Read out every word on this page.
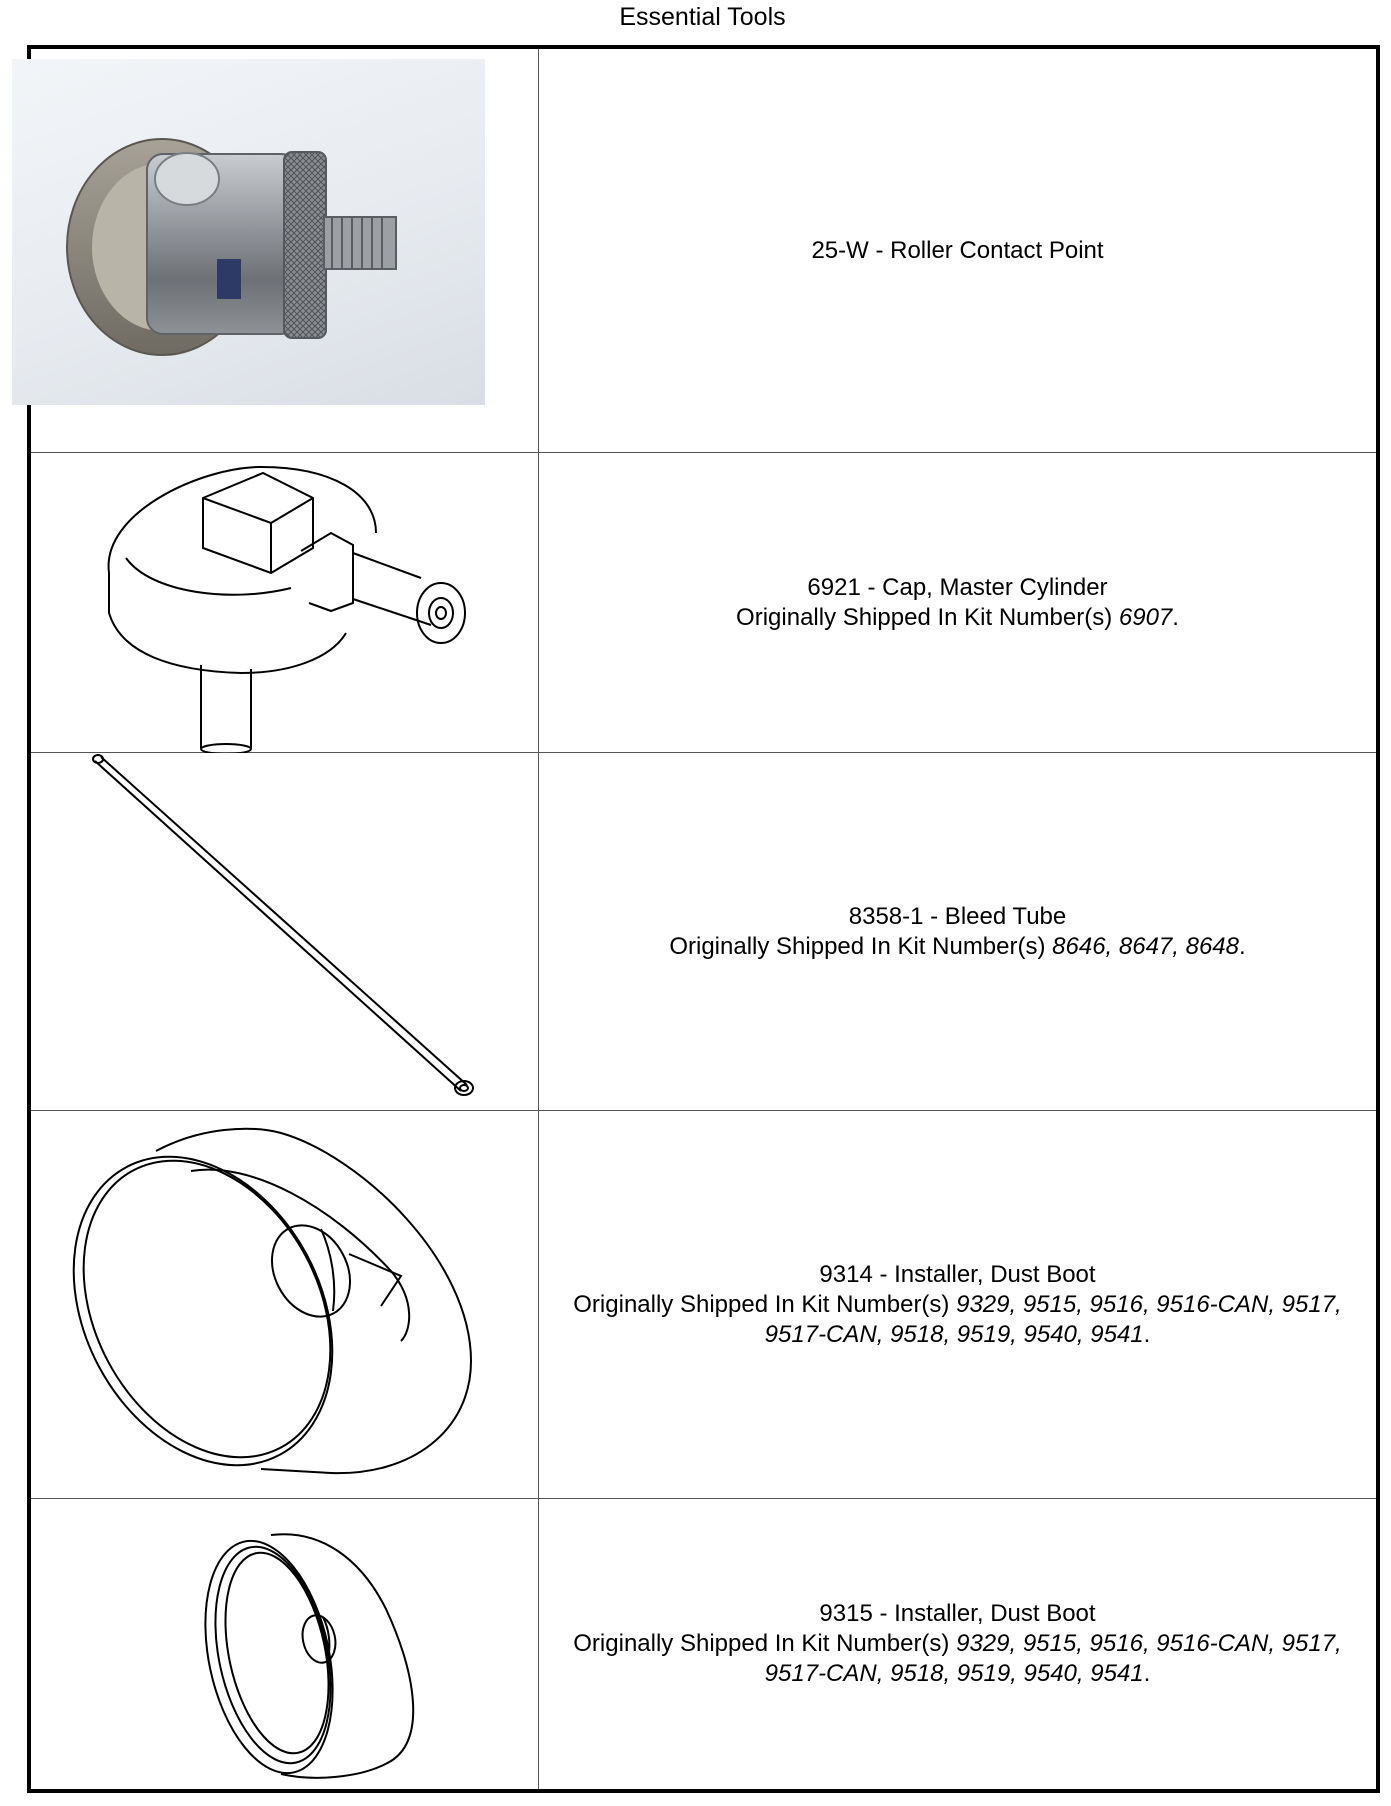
Essential Tools
25-W - Roller Contact Point
6921 - Cap, Master Cylinder
Originally Shipped In Kit Number(s) 6907.
8358-1 - Bleed Tube
Originally Shipped In Kit Number(s) 8646, 8647, 8648.
9314 - Installer, Dust Boot
Originally Shipped In Kit Number(s) 9329, 9515, 9516, 9516-CAN, 9517, 9517-CAN, 9518, 9519, 9540, 9541.
9315 - Installer, Dust Boot
Originally Shipped In Kit Number(s) 9329, 9515, 9516, 9516-CAN, 9517, 9517-CAN, 9518, 9519, 9540, 9541.
